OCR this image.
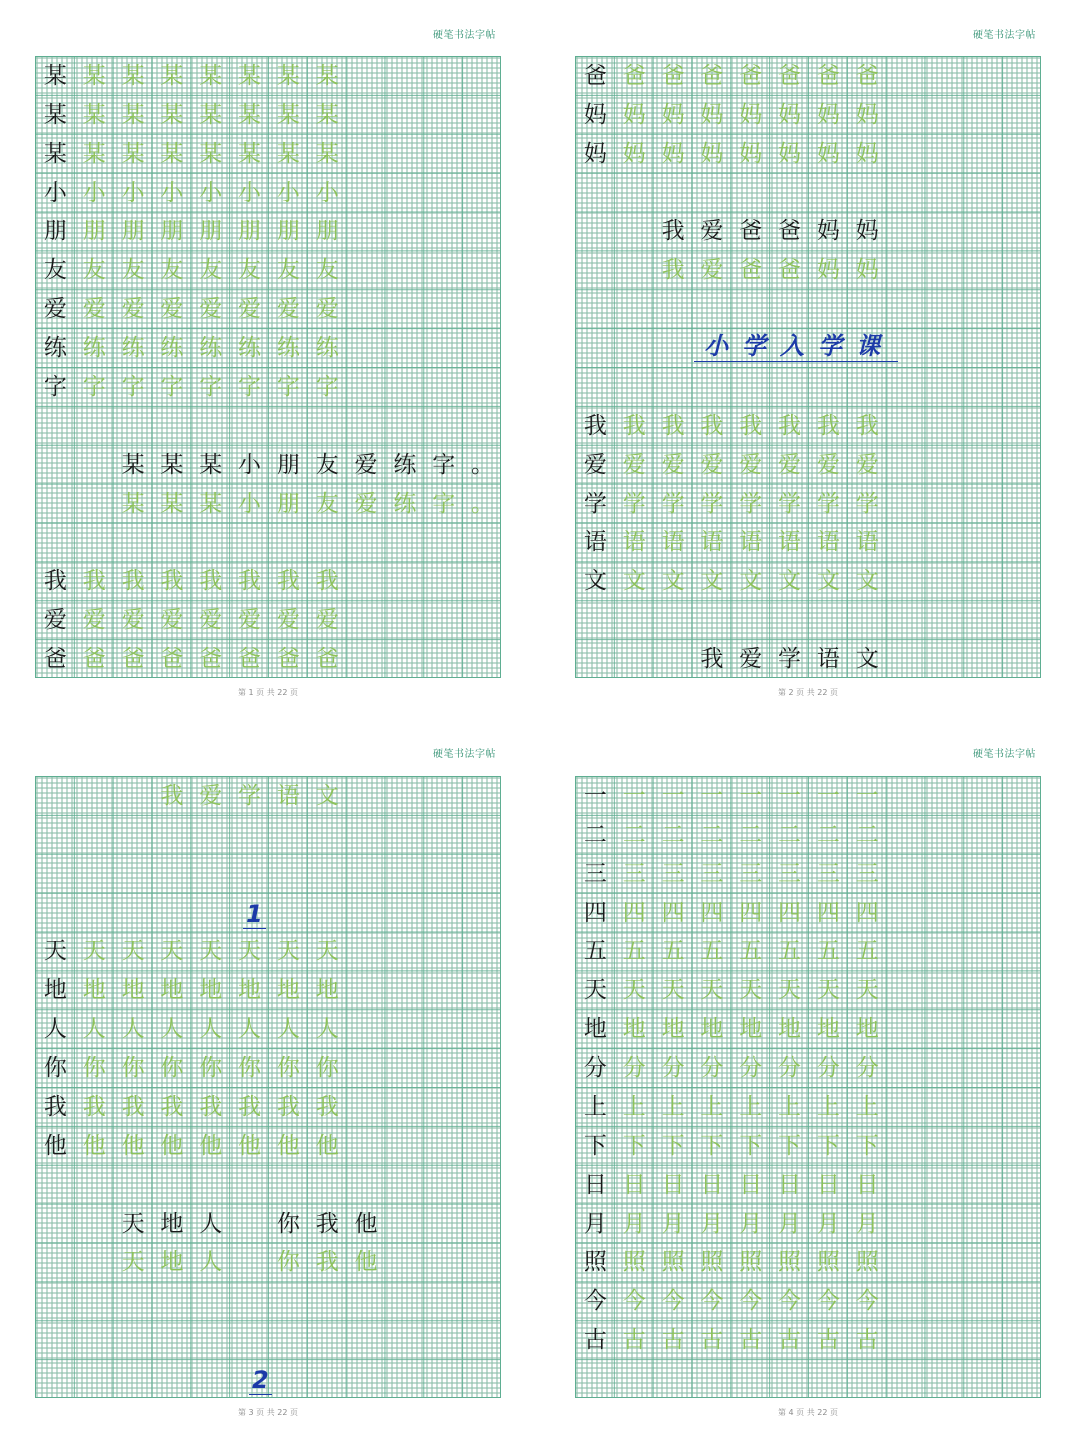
硬笔书法字帖
某 某 某 某 某 某 某 某
某 某 某 某 某 某 某 某
某 某 某 某 某 某 某 某
小 小 小 小 小 小 小 小
朋 朋 朋 朋 朋 朋 朋 朋
友 友 友 友 友 友 友 友
爱 爱 爱 爱 爱 爱 爱 爱
练 练 练 练 练 练 练 练
字 字 字 字 字 字 字 字
某 某 某 小 朋 友 爱 练 字 。
某 某 某 小 朋 友 爱 练 字 。
我 我 我 我 我 我 我 我
爱 爱 爱 爱 爱 爱 爱 爱
爸 爸 爸 爸 爸 爸 爸 爸
第 1 页 共 22 页
硬笔书法字帖
爸 爸 爸 爸 爸 爸 爸 爸
妈 妈 妈 妈 妈 妈 妈 妈
妈 妈 妈 妈 妈 妈 妈 妈
我 爱 爸 爸 妈 妈
我 爱 爸 爸 妈 妈
小学入学课
我 我 我 我 我 我 我 我
爱 爱 爱 爱 爱 爱 爱 爱
学 学 学 学 学 学 学 学
语 语 语 语 语 语 语 语
文 文 文 文 文 文 文 文
我 爱 学 语 文
第 2 页 共 22 页
硬笔书法字帖
我 爱 学 语 文
1
天 天 天 天 天 天 天 天
地 地 地 地 地 地 地 地
人 人 人 人 人 人 人 人
你 你 你 你 你 你 你 你
我 我 我 我 我 我 我 我
他 他 他 他 他 他 他 他
天 地 人	你 我 他
天 地 人	你 我 他
2
第 3 页 共 22 页
硬笔书法字帖
一 一 一 一 一 一 一 一
二 二 二 二 二 二 二 二
三 三 三 三 三 三 三 三
四 四 四 四 四 四 四 四
五 五 五 五 五 五 五 五
天 天 天 天 天 天 天 天
地 地 地 地 地 地 地 地
分 分 分 分 分 分 分 分
上 上 上 上 上 上 上 上
下 下 下 下 下 下 下 下
日 日 日 日 日 日 日 日
月 月 月 月 月 月 月 月
照 照 照 照 照 照 照 照
今 今 今 今 今 今 今 今
古 古 古 古 古 古 古 古
第 4 页 共 22 页
